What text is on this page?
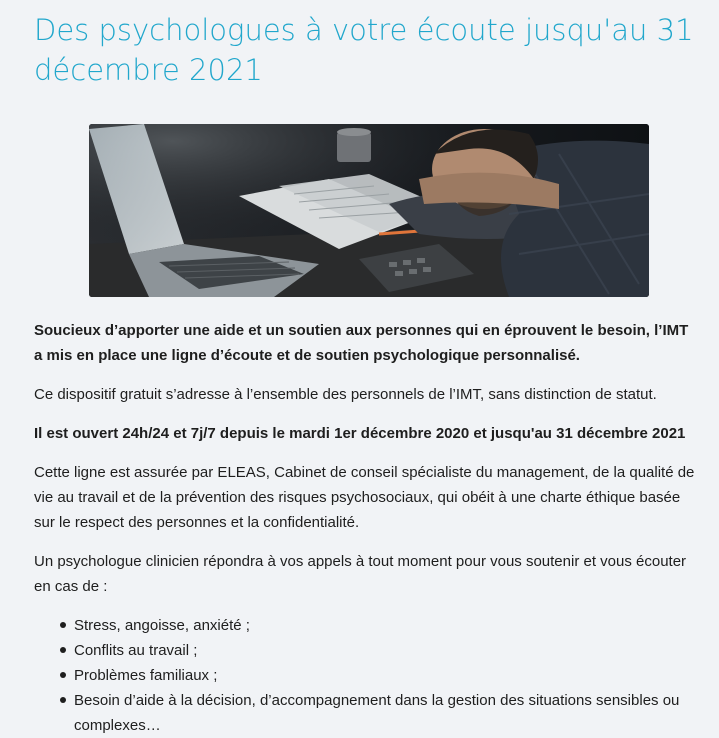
Des psychologues à votre écoute jusqu'au 31 décembre 2021

Soucieux d’apporter une aide et un soutien aux personnes qui en éprouvent le besoin, l’IMT a mis en place une ligne d’écoute et de soutien psychologique personnalisé.

Ce dispositif gratuit s’adresse à l’ensemble des personnels de l’IMT, sans distinction de statut.

Il est ouvert 24h/24 et 7j/7 depuis le mardi 1er décembre 2020 et jusqu'au 31 décembre 2021

Cette ligne est assurée par ELEAS, Cabinet de conseil spécialiste du management, de la qualité de vie au travail et de la prévention des risques psychosociaux, qui obéit à une charte éthique basée sur le respect des personnes et la confidentialité.

Un psychologue clinicien répondra à vos appels à tout moment pour vous soutenir et vous écouter en cas de :

Stress, angoisse, anxiété ;
Conflits au travail ;
Problèmes familiaux ;
Besoin d’aide à la décision, d’accompagnement dans la gestion des situations sensibles ou complexes…
